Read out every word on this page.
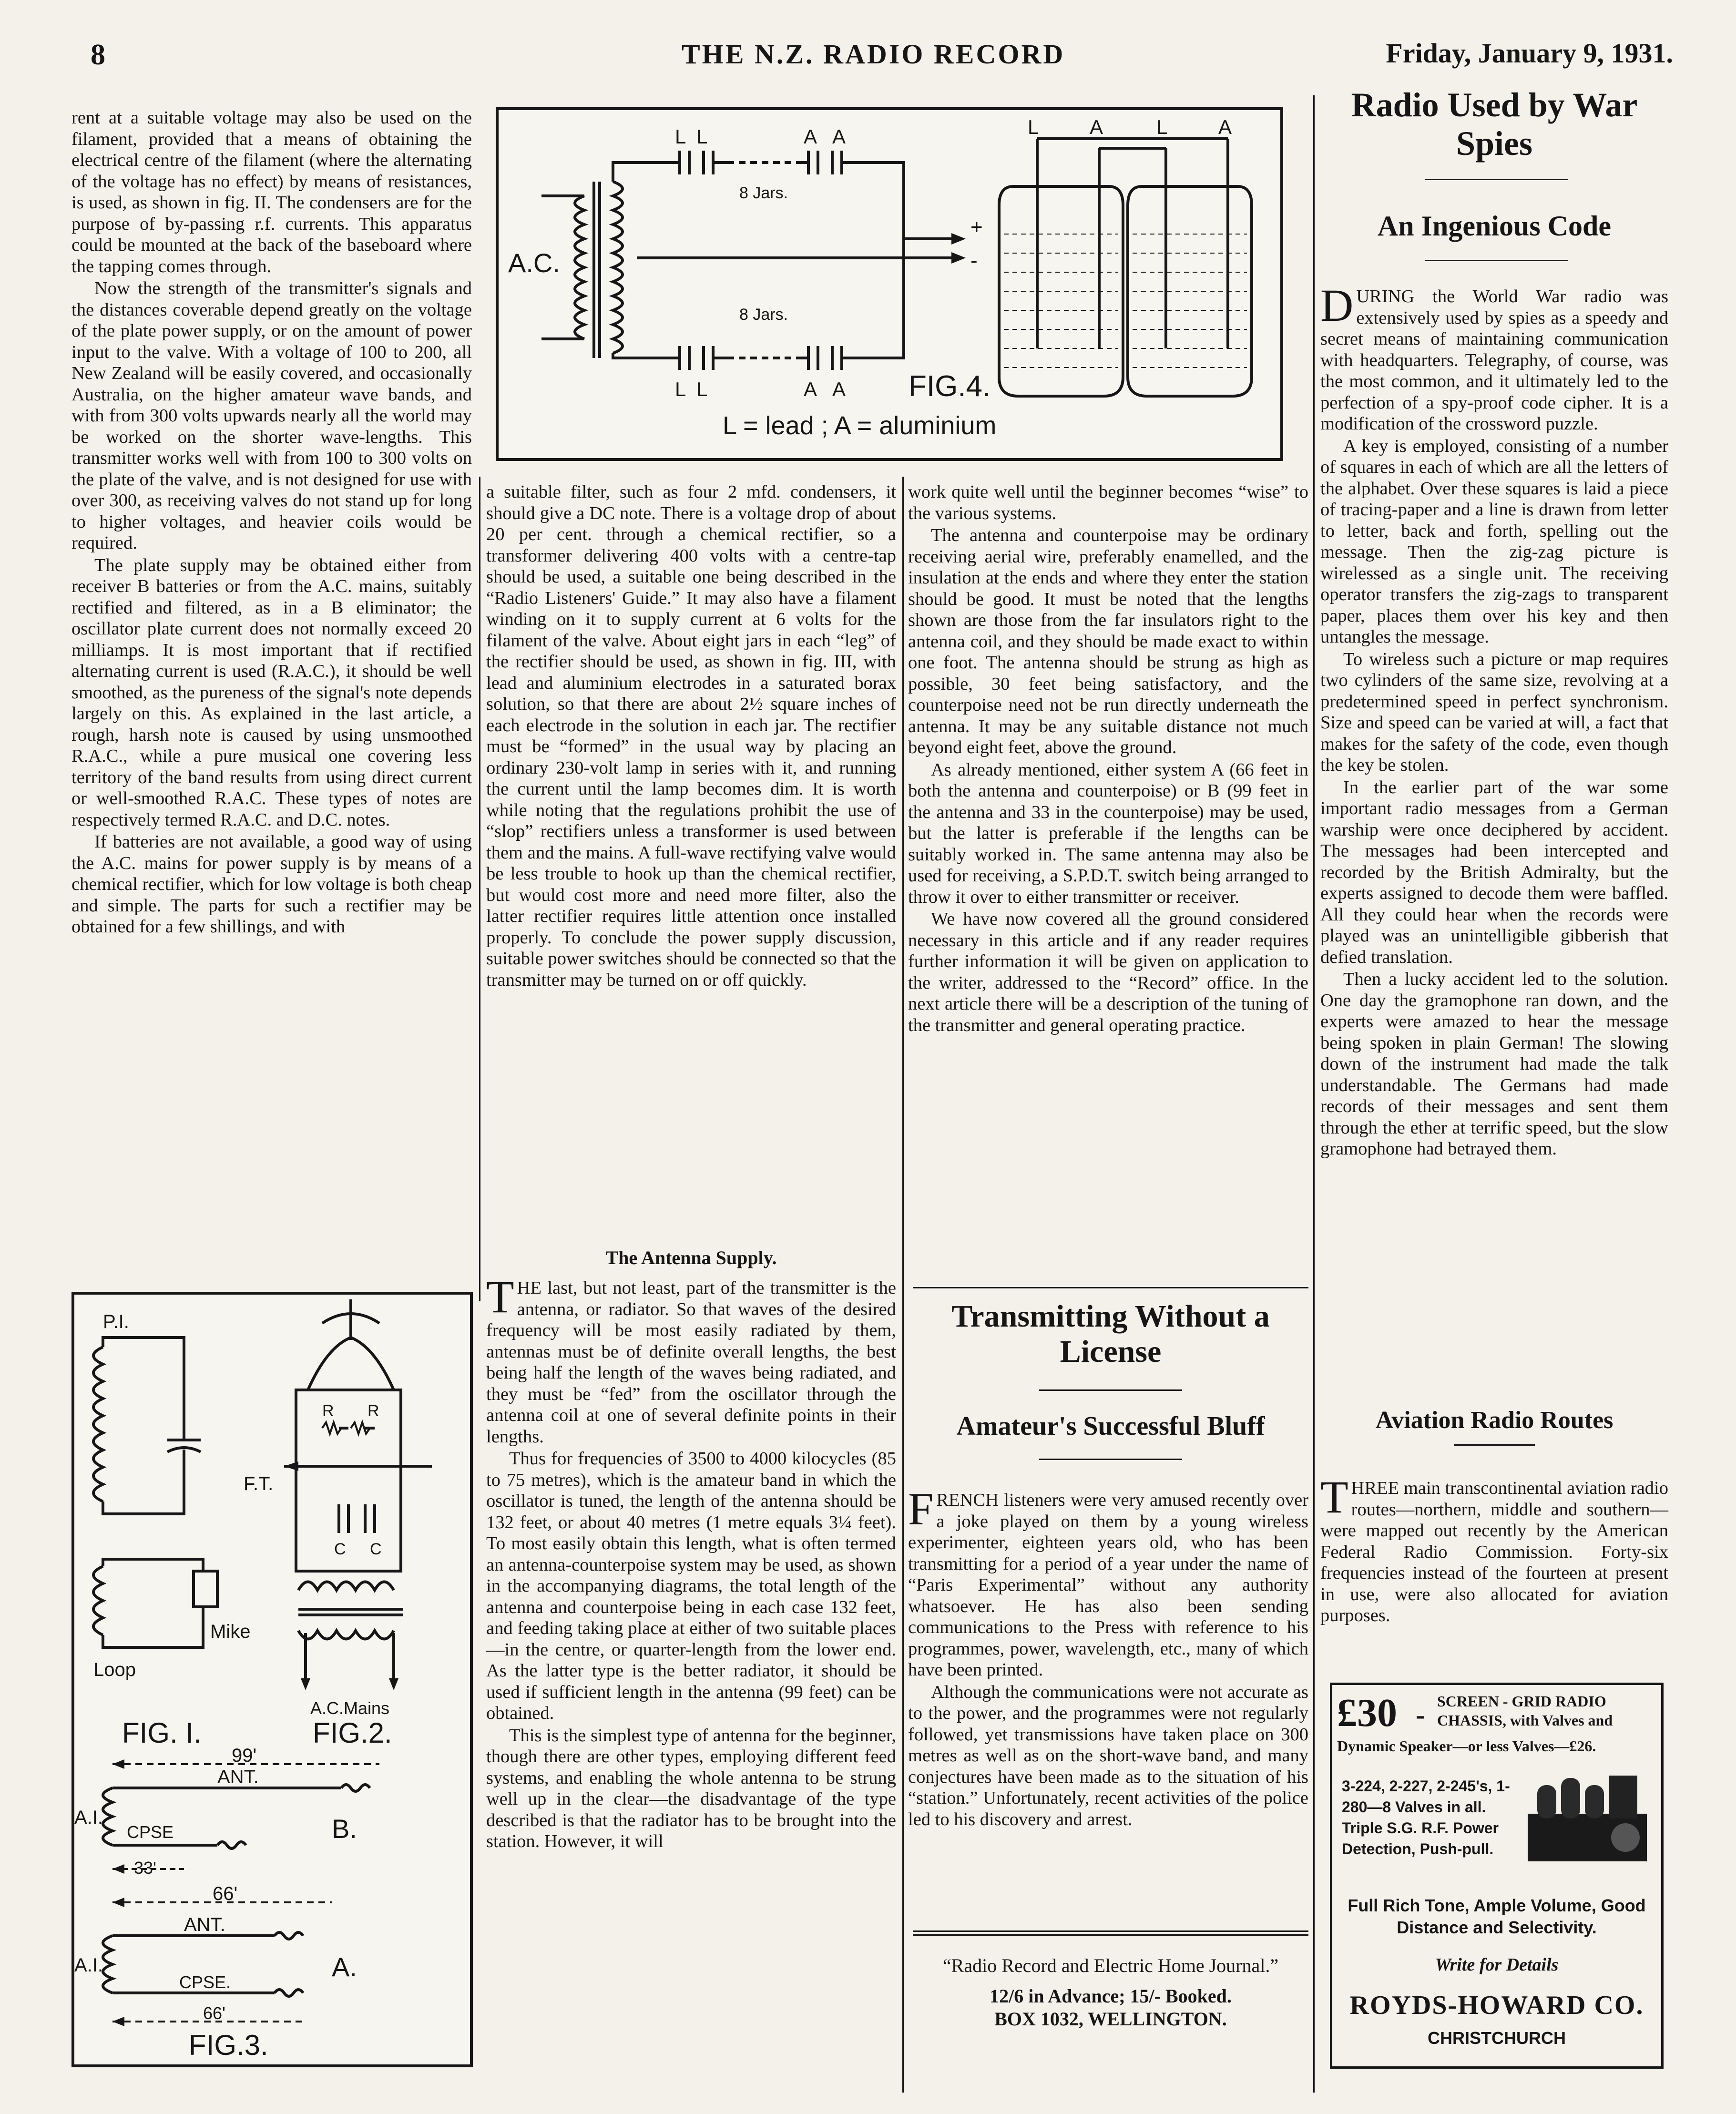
8	THE N.Z. RADIO RECORD	Friday, January 9, 1931.

rent at a suitable voltage may also be used on the filament, provided that a means of obtaining the electrical centre of the filament (where the alternating of the voltage has no effect) by means of resistances, is used, as shown in fig. II. The condensers are for the purpose of by-passing r.f. currents. This apparatus could be mounted at the back of the baseboard where the tapping comes through.

Now the strength of the transmitter's signals and the distances coverable depend greatly on the voltage of the plate power supply, or on the amount of power input to the valve. With a voltage of 100 to 200, all New Zealand will be easily covered, and occasionally Australia, on the higher amateur wave bands, and with from 300 volts upwards nearly all the world may be worked on the shorter wave-lengths. This transmitter works well with from 100 to 300 volts on the plate of the valve, and is not designed for use with over 300, as receiving valves do not stand up for long to higher voltages, and heavier coils would be required.

The plate supply may be obtained either from receiver B batteries or from the A.C. mains, suitably rectified and filtered, as in a B eliminator; the oscillator plate current does not normally exceed 20 milliamps. It is most important that if rectified alternating current is used (R.A.C.), it should be well smoothed, as the pureness of the signal's note depends largely on this. As explained in the last article, a rough, harsh note is caused by using unsmoothed R.A.C., while a pure musical one covering less territory of the band results from using direct current or well-smoothed R.A.C. These types of notes are respectively termed R.A.C. and D.C. notes.

If batteries are not available, a good way of using the A.C. mains for power supply is by means of a chemical rectifier, which for low voltage is both cheap and simple. The parts for such a rectifier may be obtained for a few shillings, and with

L L	A A
8 Jars.
8 Jars.
L L	A A
A.C.
+
-
L	A	L	A
FIG.4.
L = lead ; A = aluminium

a suitable filter, such as four 2 mfd. condensers, it should give a DC note. There is a voltage drop of about 20 per cent. through a chemical rectifier, so a transformer delivering 400 volts with a centre-tap should be used, a suitable one being described in the “Radio Listeners' Guide.” It may also have a filament winding on it to supply current at 6 volts for the filament of the valve. About eight jars in each “leg” of the rectifier should be used, as shown in fig. III, with lead and aluminium electrodes in a saturated borax solution, so that there are about 2½ square inches of each electrode in the solution in each jar. The rectifier must be “formed” in the usual way by placing an ordinary 230-volt lamp in series with it, and running the current until the lamp becomes dim. It is worth while noting that the regulations prohibit the use of “slop” rectifiers unless a transformer is used between them and the mains. A full-wave rectifying valve would be less trouble to hook up than the chemical rectifier, but would cost more and need more filter, also the latter rectifier requires little attention once installed properly. To conclude the power supply discussion, suitable power switches should be connected so that the transmitter may be turned on or off quickly.

work quite well until the beginner becomes “wise” to the various systems.

The antenna and counterpoise may be ordinary receiving aerial wire, preferably enamelled, and the insulation at the ends and where they enter the station should be good. It must be noted that the lengths shown are those from the far insulators right to the antenna coil, and they should be made exact to within one foot. The antenna should be strung as high as possible, 30 feet being satisfactory, and the counterpoise need not be run directly underneath the antenna. It may be any suitable distance not much beyond eight feet, above the ground.

As already mentioned, either system A (66 feet in both the antenna and counterpoise) or B (99 feet in the antenna and 33 in the counterpoise) may be used, but the latter is preferable if the lengths can be suitably worked in. The same antenna may also be used for receiving, a S.P.D.T. switch being arranged to throw it over to either transmitter or receiver.

We have now covered all the ground considered necessary in this article and if any reader requires further information it will be given on application to the writer, addressed to the “Record” office. In the next article there will be a description of the tuning of the transmitter and general operating practice.

P.I.
Mike
Loop
FIG. I.
R R
C C
F.T.
A.C.Mains
FIG.2.
99'
ANT.
A.I.
CPSE	B.
33'
66'
ANT.
A.I.
CPSE.
A.
66'
FIG.3.
The Antenna Supply.

THE last, but not least, part of the transmitter is the antenna, or radiator. So that waves of the desired frequency will be most easily radiated by them, antennas must be of definite overall lengths, the best being half the length of the waves being radiated, and they must be “fed” from the oscillator through the antenna coil at one of several definite points in their lengths.

Thus for frequencies of 3500 to 4000 kilocycles (85 to 75 metres), which is the amateur band in which the oscillator is tuned, the length of the antenna should be 132 feet, or about 40 metres (1 metre equals 3¼ feet). To most easily obtain this length, what is often termed an antenna-counterpoise system may be used, as shown in the accompanying diagrams, the total length of the antenna and counterpoise being in each case 132 feet, and feeding taking place at either of two suitable places—in the centre, or quarter-length from the lower end. As the latter type is the better radiator, it should be used if sufficient length in the antenna (99 feet) can be obtained.

This is the simplest type of antenna for the beginner, though there are other types, employing different feed systems, and enabling the whole antenna to be strung well up in the clear—the disadvantage of the type described is that the radiator has to be brought into the station. However, it will

Transmitting Without a License
Amateur's Successful Bluff

FRENCH listeners were very amused recently over a joke played on them by a young wireless experimenter, eighteen years old, who has been transmitting for a period of a year under the name of “Paris Experimental” without any authority whatsoever. He has also been sending communications to the Press with reference to his programmes, power, wavelength, etc., many of which have been printed.

Although the communications were not accurate as to the power, and the programmes were not regularly followed, yet transmissions have taken place on 300 metres as well as on the short-wave band, and many conjectures have been made as to the situation of his “station.” Unfortunately, recent activities of the police led to his discovery and arrest.

“Radio Record and Electric Home Journal.”
12/6 in Advance; 15/- Booked.
BOX 1032, WELLINGTON.
Radio Used by War Spies
An Ingenious Code

DURING the World War radio was extensively used by spies as a speedy and secret means of maintaining communication with headquarters. Telegraphy, of course, was the most common, and it ultimately led to the perfection of a spy-proof code cipher. It is a modification of the crossword puzzle.

A key is employed, consisting of a number of squares in each of which are all the letters of the alphabet. Over these squares is laid a piece of tracing-paper and a line is drawn from letter to letter, back and forth, spelling out the message. Then the zig-zag picture is wirelessed as a single unit. The receiving operator transfers the zig-zags to transparent paper, places them over his key and then untangles the message.

To wireless such a picture or map requires two cylinders of the same size, revolving at a predetermined speed in perfect synchronism. Size and speed can be varied at will, a fact that makes for the safety of the code, even though the key be stolen.

In the earlier part of the war some important radio messages from a German warship were once deciphered by accident. The messages had been intercepted and recorded by the British Admiralty, but the experts assigned to decode them were baffled. All they could hear when the records were played was an unintelligible gibberish that defied translation.

Then a lucky accident led to the solution. One day the gramophone ran down, and the experts were amazed to hear the message being spoken in plain German! The slowing down of the instrument had made the talk understandable. The Germans had made records of their messages and sent them through the ether at terrific speed, but the slow gramophone had betrayed them.

Aviation Radio Routes

THREE main transcontinental aviation radio routes—northern, middle and southern—were mapped out recently by the American Federal Radio Commission. Forty-six frequencies instead of the fourteen at present in use, were also allocated for aviation purposes.

£30 - SCREEN - GRID RADIO
CHASSIS, with Valves and
Dynamic Speaker—or less Valves—£26.
3-224, 2-227, 2-245's, 1-280—8 Valves in all. Triple S.G. R.F. Power Detection, Push-pull.
Full Rich Tone, Ample Volume, Good Distance and Selectivity.
Write for Details
ROYDS-HOWARD CO.
CHRISTCHURCH
